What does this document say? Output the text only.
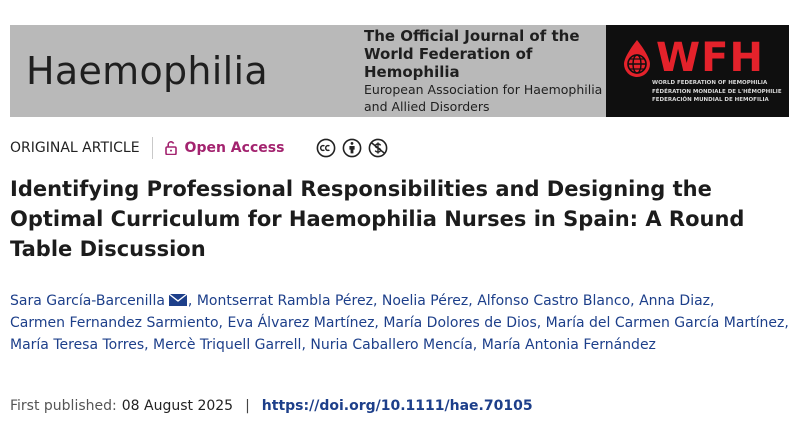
Haemophilia
The Official Journal of the
World Federation of Hemophilia
European Association for Haemophilia
and Allied Disorders
WFH
WORLD FEDERATION OF HEMOPHILIA
FÉDÉRATION MONDIALE DE L'HÉMOPHILIE
FEDERACIÓN MUNDIAL DE HEMOFILIA
ORIGINAL ARTICLE	Open Access
Identifying Professional Responsibilities and Designing the Optimal Curriculum for Haemophilia Nurses in Spain: A Round Table Discussion
Sara García-Barcenilla , Montserrat Rambla Pérez, Noelia Pérez, Alfonso Castro Blanco, Anna Diaz, Carmen Fernandez Sarmiento, Eva Álvarez Martínez, María Dolores de Dios, María del Carmen García Martínez, María Teresa Torres, Mercè Triquell Garrell, Nuria Caballero Mencía, María Antonia Fernández
First published: 08 August 2025 | https://doi.org/10.1111/hae.70105
